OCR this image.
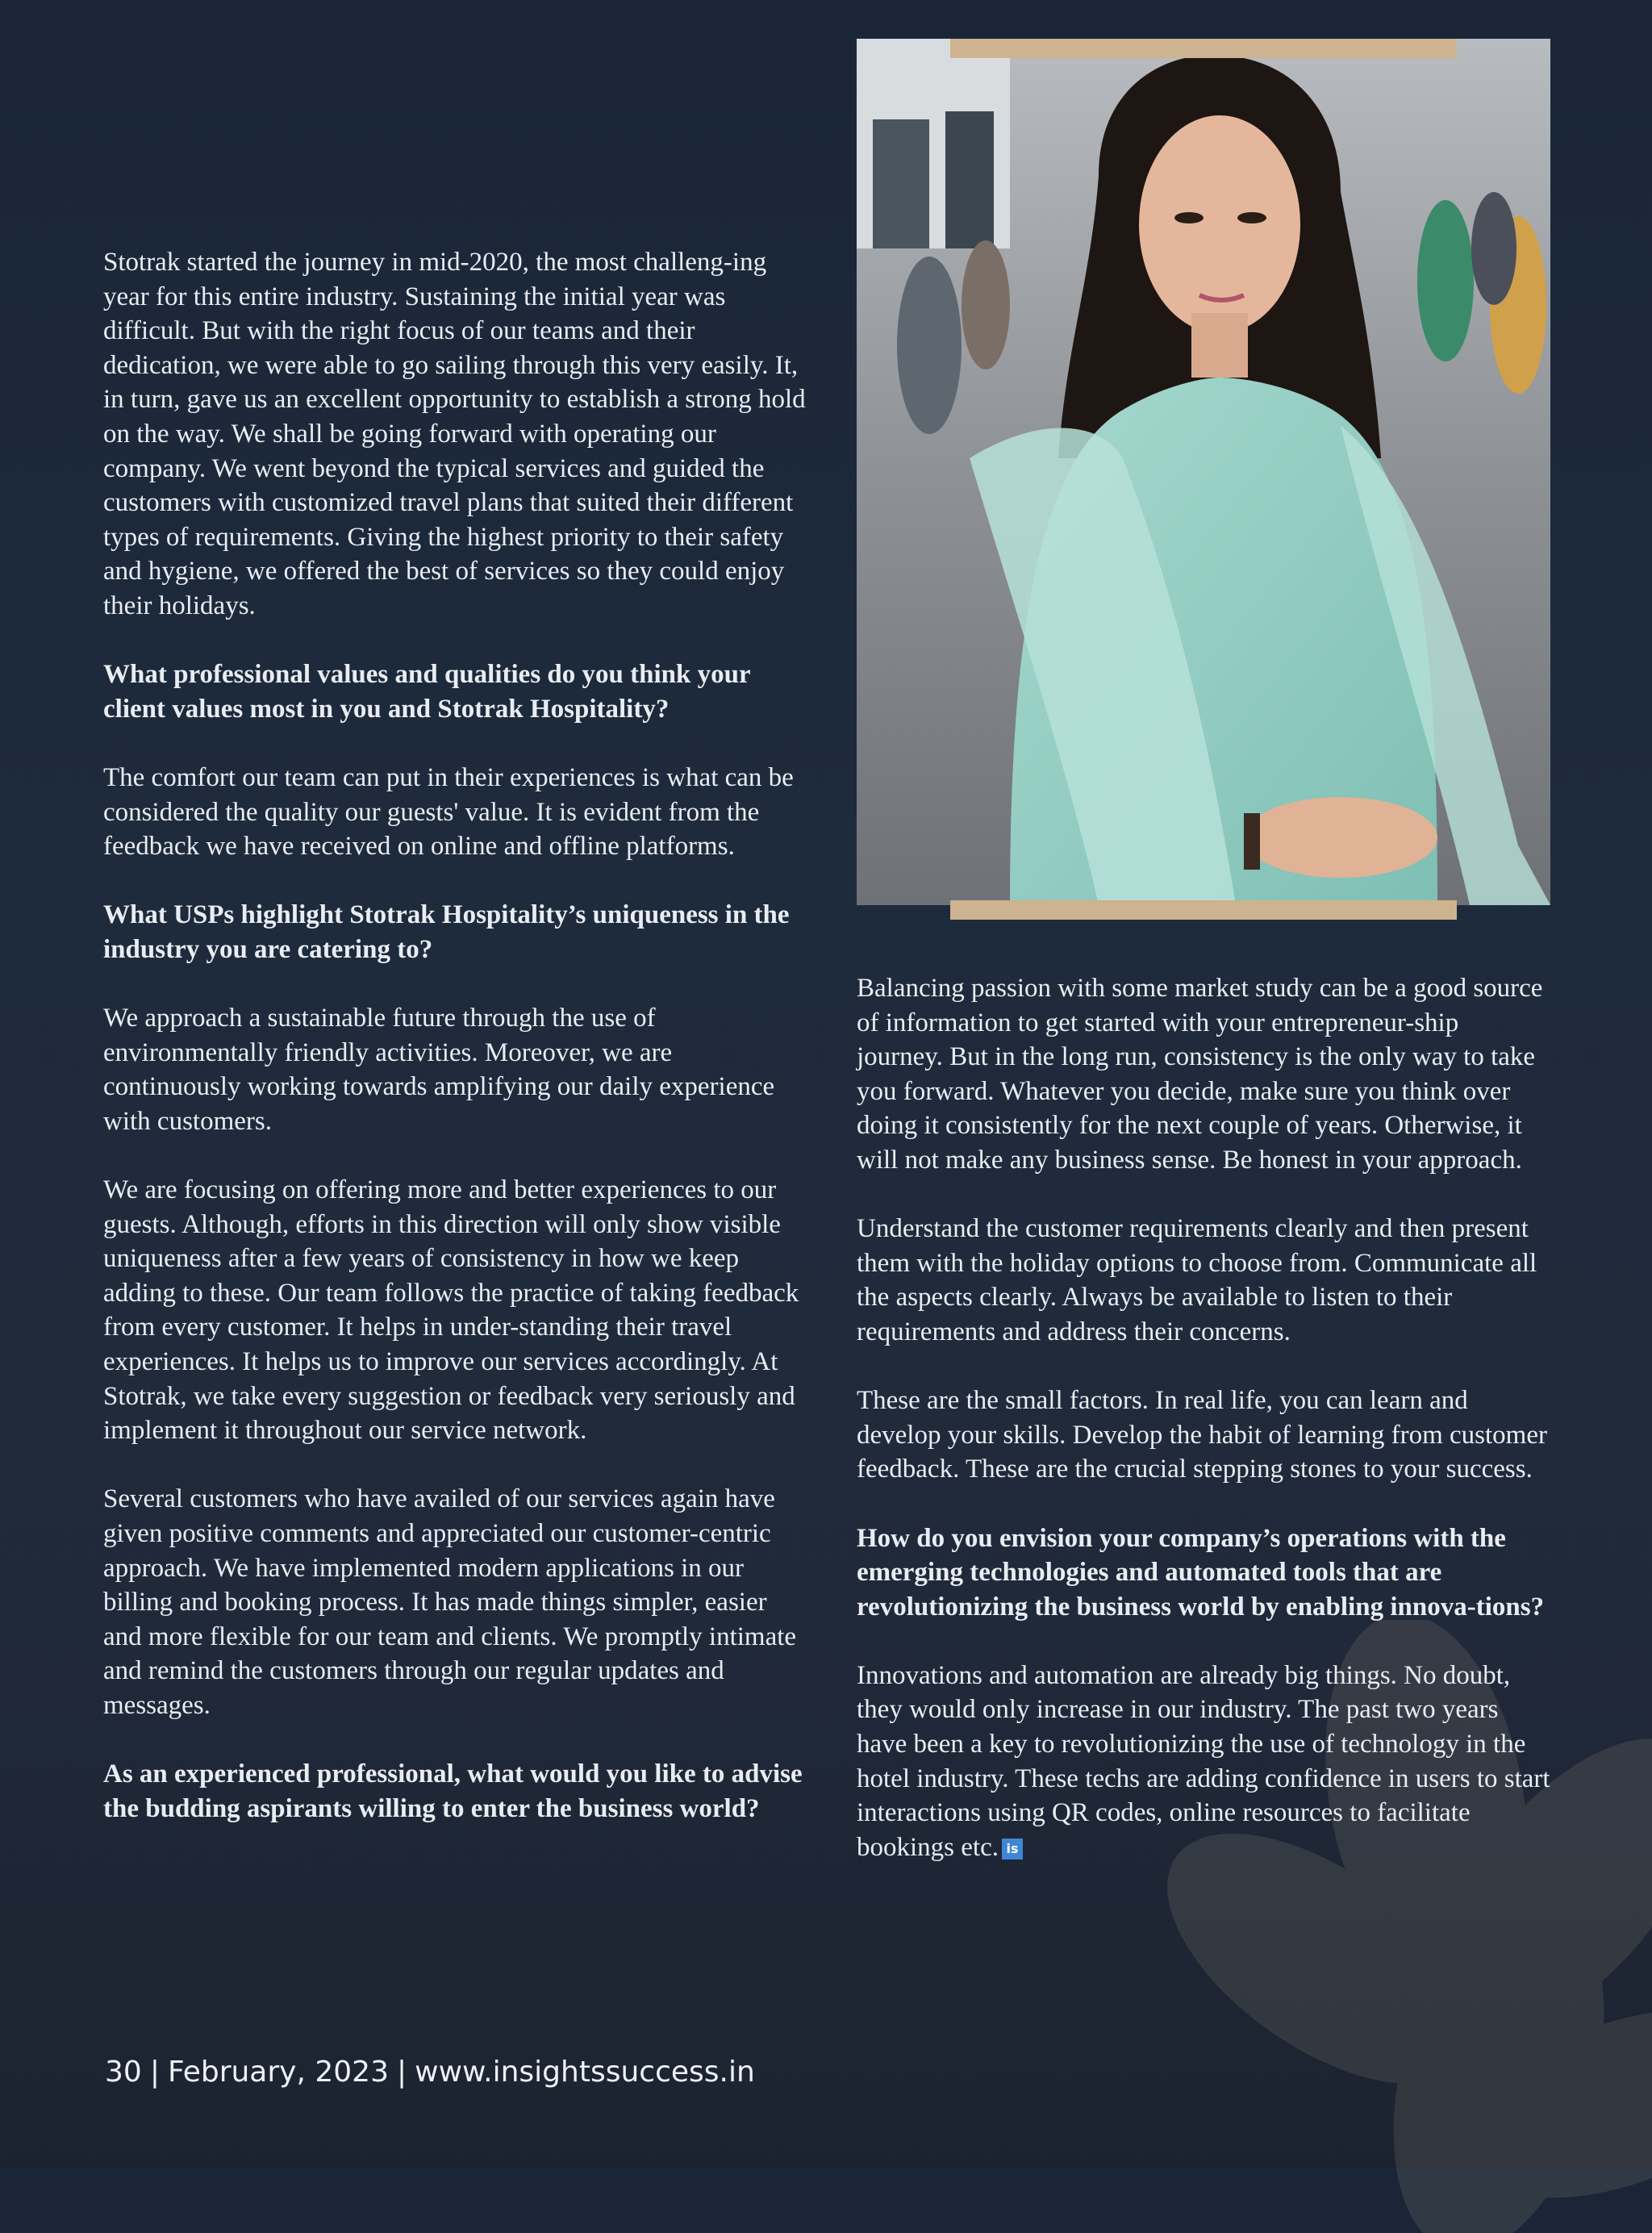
Stotrak started the journey in mid-2020, the most challeng-ing year for this entire industry. Sustaining the initial year was difficult. But with the right focus of our teams and their dedication, we were able to go sailing through this very easily. It, in turn, gave us an excellent opportunity to establish a strong hold on the way. We shall be going forward with operating our company. We went beyond the typical services and guided the customers with customized travel plans that suited their different types of requirements. Giving the highest priority to their safety and hygiene, we offered the best of services so they could enjoy their holidays.

What professional values and qualities do you think your client values most in you and Stotrak Hospitality?

The comfort our team can put in their experiences is what can be considered the quality our guests' value. It is evident from the feedback we have received on online and offline platforms.

What USPs highlight Stotrak Hospitality’s uniqueness in the industry you are catering to?

We approach a sustainable future through the use of environmentally friendly activities. Moreover, we are continuously working towards amplifying our daily experience with customers.

We are focusing on offering more and better experiences to our guests. Although, efforts in this direction will only show visible uniqueness after a few years of consistency in how we keep adding to these. Our team follows the practice of taking feedback from every customer. It helps in under-standing their travel experiences. It helps us to improve our services accordingly. At Stotrak, we take every suggestion or feedback very seriously and implement it throughout our service network.

Several customers who have availed of our services again have given positive comments and appreciated our customer-centric approach. We have implemented modern applications in our billing and booking process. It has made things simpler, easier and more flexible for our team and clients. We promptly intimate and remind the customers through our regular updates and messages.

As an experienced professional, what would you like to advise the budding aspirants willing to enter the business world?

Balancing passion with some market study can be a good source of information to get started with your entrepreneur-ship journey. But in the long run, consistency is the only way to take you forward. Whatever you decide, make sure you think over doing it consistently for the next couple of years. Otherwise, it will not make any business sense. Be honest in your approach.

Understand the customer requirements clearly and then present them with the holiday options to choose from. Communicate all the aspects clearly. Always be available to listen to their requirements and address their concerns.

These are the small factors. In real life, you can learn and develop your skills. Develop the habit of learning from customer feedback. These are the crucial stepping stones to your success.

How do you envision your company’s operations with the emerging technologies and automated tools that are revolutionizing the business world by enabling innova-tions?

Innovations and automation are already big things. No doubt, they would only increase in our industry. The past two years have been a key to revolutionizing the use of technology in the hotel industry. These techs are adding confidence in users to start interactions using QR codes, online resources to facilitate bookings etc. is

30 | February, 2023 | www.insightssuccess.in
